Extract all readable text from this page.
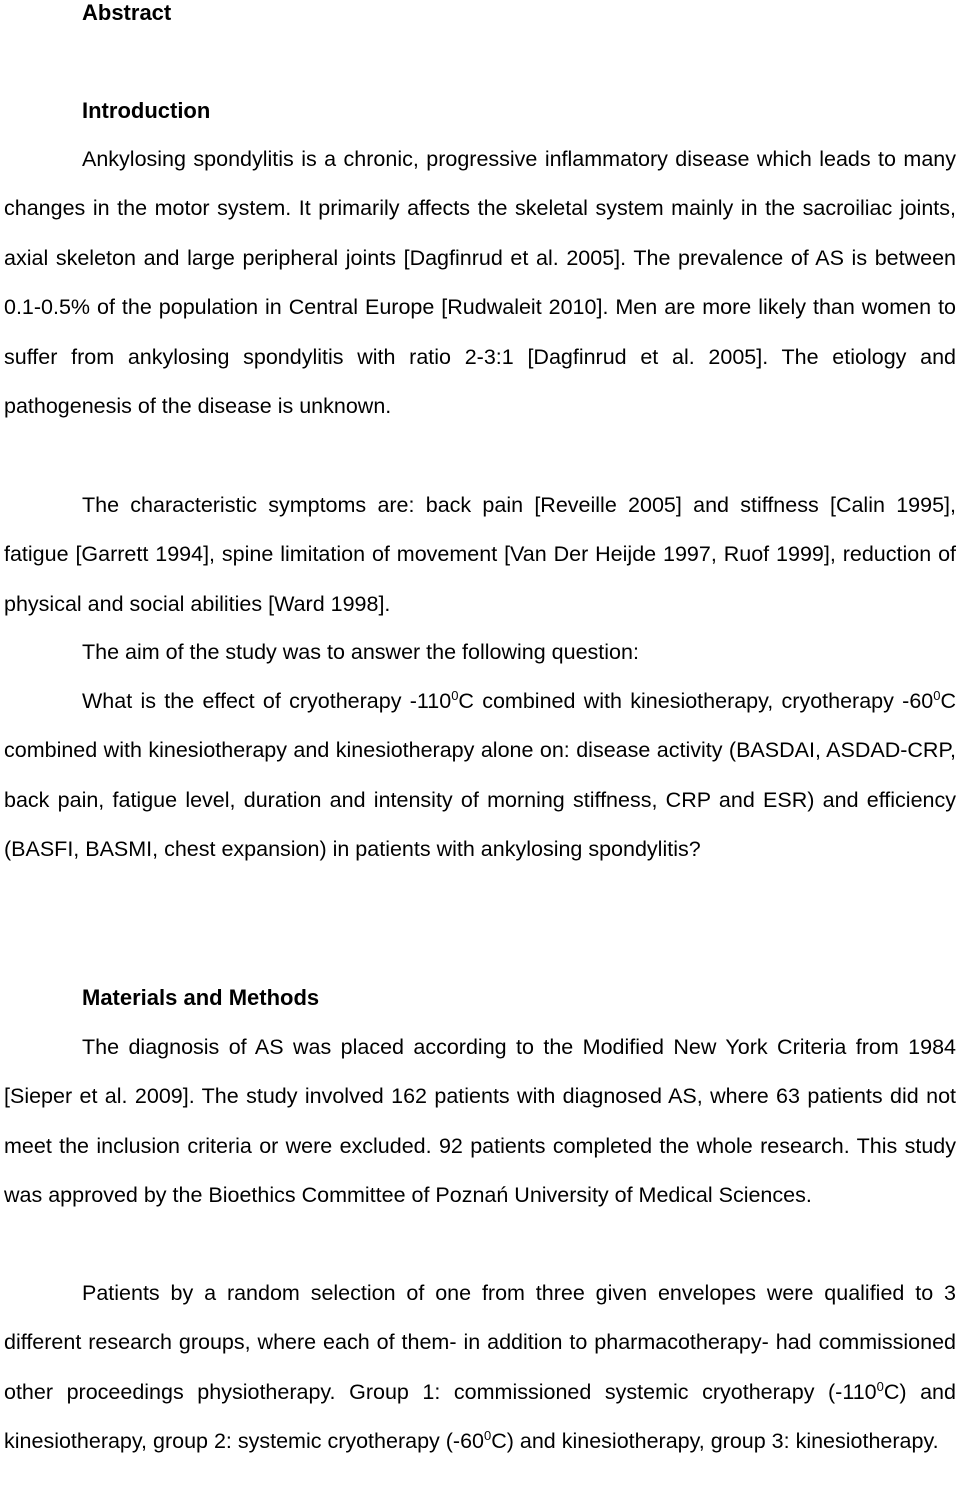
Abstract
Introduction

Ankylosing spondylitis is a chronic, progressive inflammatory disease which leads to many changes in the motor system. It primarily affects the skeletal system mainly in the sacroiliac joints, axial skeleton and large peripheral joints [Dagfinrud et al. 2005]. The prevalence of AS is between 0.1-0.5% of the population in Central Europe [Rudwaleit 2010]. Men are more likely than women to suffer from ankylosing spondylitis with ratio 2-3:1 [Dagfinrud et al. 2005]. The etiology and pathogenesis of the disease is unknown.

The characteristic symptoms are: back pain [Reveille 2005] and stiffness [Calin 1995], fatigue [Garrett 1994], spine limitation of movement [Van Der Heijde 1997, Ruof 1999], reduction of physical and social abilities [Ward 1998].

The aim of the study was to answer the following question:

What is the effect of cryotherapy $-110^0C$ combined with kinesiotherapy, cryotherapy $-60^0C$ combined with kinesiotherapy and kinesiotherapy alone on: disease activity (BASDAI, ASDAD-CRP, back pain, fatigue level, duration and intensity of morning stiffness, CRP and ESR) and efficiency (BASFI, BASMI, chest expansion) in patients with ankylosing spondylitis?

Materials and Methods

The diagnosis of AS was placed according to the Modified New York Criteria from 1984 [Sieper et al. 2009]. The study involved 162 patients with diagnosed AS, where 63 patients did not meet the inclusion criteria or were excluded. 92 patients completed the whole research. This study was approved by the Bioethics Committee of Poznań University of Medical Sciences.

Patients by a random selection of one from three given envelopes were qualified to 3 different research groups, where each of them- in addition to pharmacotherapy- had commissioned other proceedings physiotherapy. Group 1: commissioned systemic cryotherapy $(-110^0C)$ and kinesiotherapy, group 2: systemic cryotherapy $(-60^0C)$ and kinesiotherapy, group 3: kinesiotherapy.
